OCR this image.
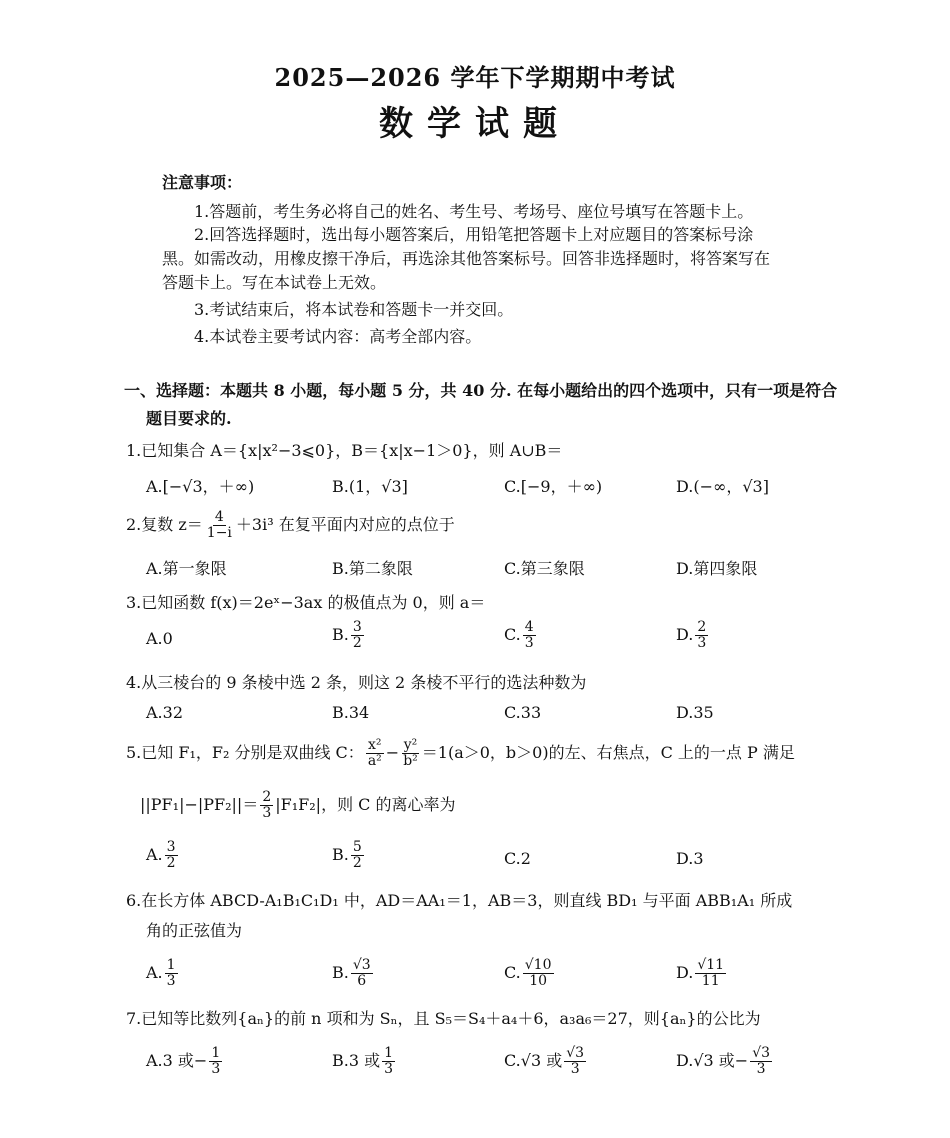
2025—2026 学年下学期期中考试
数学试题
注意事项：
1.答题前，考生务必将自己的姓名、考生号、考场号、座位号填写在答题卡上。
2.回答选择题时，选出每小题答案后，用铅笔把答题卡上对应题目的答案标号涂
黑。如需改动，用橡皮擦干净后，再选涂其他答案标号。回答非选择题时，将答案写在
答题卡上。写在本试卷上无效。
3.考试结束后，将本试卷和答题卡一并交回。
4.本试卷主要考试内容：高考全部内容。
一、选择题：本题共 8 小题，每小题 5 分，共 40 分. 在每小题给出的四个选项中，只有一项是符合
题目要求的.
1.已知集合 A＝{x|x²−3⩽0}，B＝{x|x−1＞0}，则 A∪B＝
A.[−√3，＋∞)	B.(1，√3]	C.[−9，＋∞)	D.(−∞，√3]
2.复数 $z= \frac{4}{1-i} +3i^3$ 在复平面内对应的点位于
A.第一象限	B.第二象限	C.第三象限	D.第四象限
3.已知函数 f(x)＝2eˣ−3ax 的极值点为 0，则 a＝
A.0	B. $\frac{3}{2}$	C. $\frac{4}{3}$	D. $\frac{2}{3}$
4.从三棱台的 9 条棱中选 2 条，则这 2 条棱不平行的选法种数为
A.32	B.34	C.33	D.35
5.已知 F₁，F₂ 分别是双曲线 C： $\frac{\text{x²}}{\text{a²}} - \frac{\text{y²}}{\text{b²}} =1(a>0$，b＞0)的左、右焦点，C 上的一点 P 满足
$||PF_1|-|PF_2||= \frac{2}{3} |F_1F_2|$，则 C 的离心率为
A. $\frac{3}{2}$	B. $\frac{5}{2}$	C.2	D.3
6.在长方体 ABCD-A₁B₁C₁D₁ 中，AD＝AA₁＝1，AB＝3，则直线 BD₁ 与平面 ABB₁A₁ 所成
角的正弦值为
A. $\frac{1}{3}$	B. $\frac{√3}{6}$	C. $\frac{√10}{10}$	D. $\frac{√11}{11}$
7.已知等比数列{aₙ}的前 n 项和为 Sₙ，且 S₅＝S₄＋a₄＋6，a₃a₆＝27，则{aₙ}的公比为
A.3 或− $\frac{1}{3}$	B.3 或 $\frac{1}{3}$	C.√3 或 $\frac{√3}{3}$	D.√3 或− $\frac{√3}{3}$
